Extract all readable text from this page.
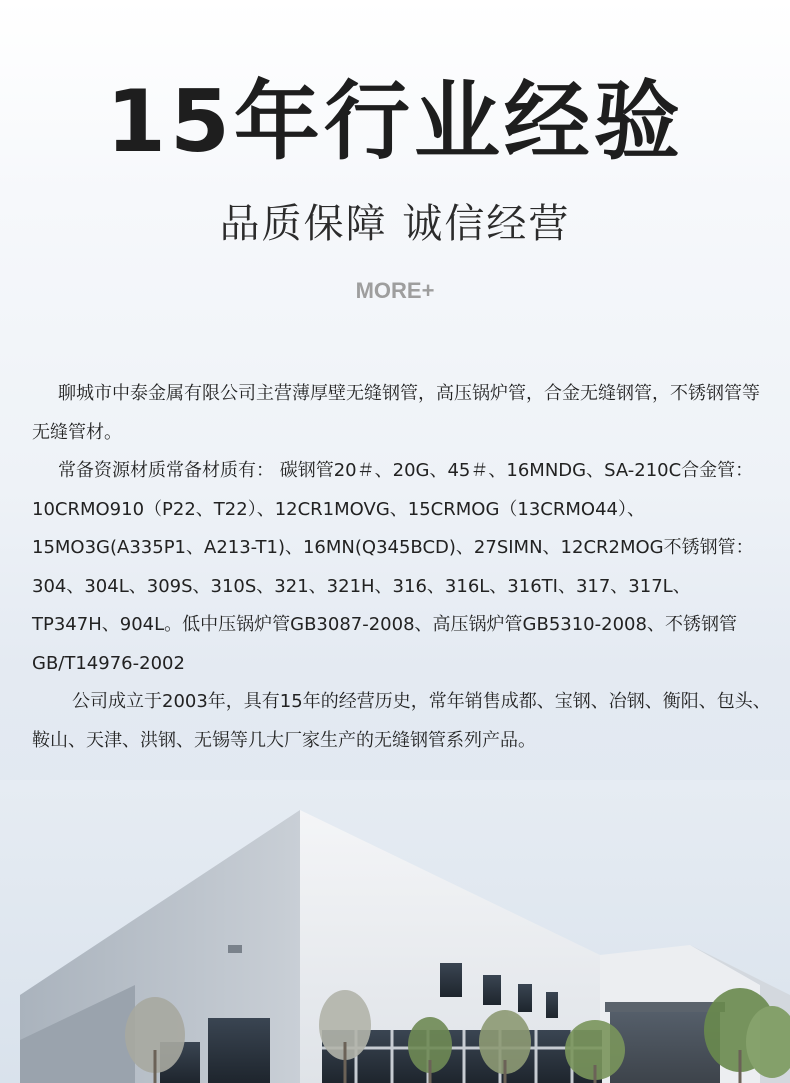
15年行业经验
品质保障 诚信经营
MORE+

聊城市中泰金属有限公司主营薄厚壁无缝钢管，高压锅炉管，合金无缝钢管，不锈钢管等无缝管材。

常备资源材质常备材质有： 碳钢管20＃、20G、45＃、16MNDG、SA-210C合金管：10CRMO910（P22、T22）、12CR1MOVG、15CRMOG（13CRMO44）、15MO3G(A335P1、A213-T1)、16MN(Q345BCD)、27SIMN、12CR2MOG不锈钢管：304、304L、309S、310S、321、321H、316、316L、316TI、317、317L、TP347H、904L。低中压锅炉管GB3087-2008、高压锅炉管GB5310-2008、不锈钢管GB/T14976-2002

公司成立于2003年，具有15年的经营历史，常年销售成都、宝钢、冶钢、衡阳、包头、鞍山、天津、洪钢、无锡等几大厂家生产的无缝钢管系列产品。
